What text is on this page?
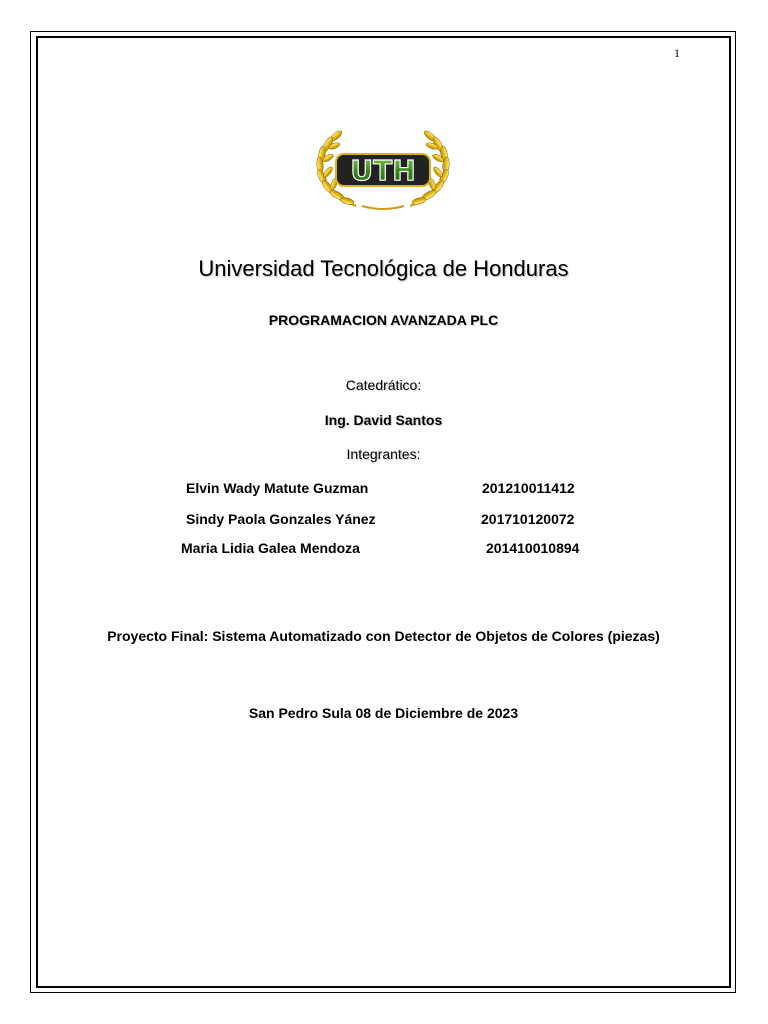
1
UTH
Universidad Tecnológica de Honduras
PROGRAMACION AVANZADA PLC
Catedrático:
Ing. David Santos
Integrantes:
Elvin Wady Matute Guzman	201210011412
Sindy Paola Gonzales Yánez	201710120072
Maria Lidia Galea Mendoza	201410010894
Proyecto Final: Sistema Automatizado con Detector de Objetos de Colores (piezas)
San Pedro Sula 08 de Diciembre de 2023
